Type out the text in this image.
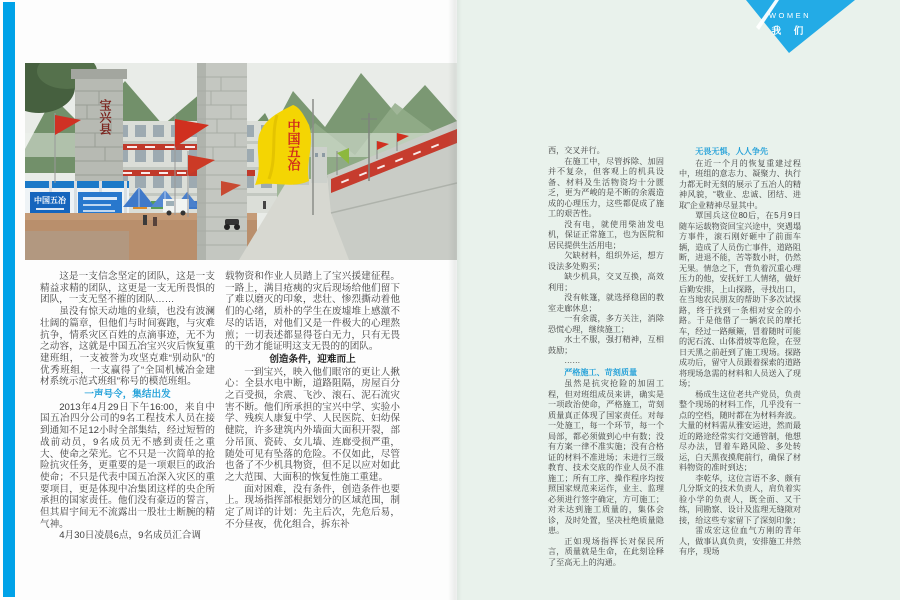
宝兴县
中国五冶
中国五冶
这是一支信念坚定的团队，这是一支精益求精的团队，这更是一支无所畏惧的团队，一支无坚不摧的团队……
虽没有惊天动地的业绩，也没有波澜壮阔的篇章，但他们与时间赛跑，与灾难抗争，情系灾区百姓的点滴事迹，无不为之动容，这就是中国五冶宝兴灾后恢复重建班组，一支被誉为攻坚克难“别动队”的优秀班组，一支赢得了“全国机械冶金建材系统示范式班组”称号的模范班组。
一声号令，集结出发
2013年4月29日下午16:00，来自中国五冶四分公司的9名工程技术人员在接到通知不足12小时全部集结，经过短暂的战前动员，9名成员无不感到责任之重大、使命之荣光。它不只是一次简单的抢险抗灾任务，更重要的是一项艰巨的政治使命；不只是代表中国五冶深入灾区的重要项目，更是体现中冶集团这样的央企所承担的国家责任。他们没有豪迈的誓言，但其眉宇间无不流露出一股壮士断腕的精气神。
4月30日凌晨6点，9名成员汇合调
载物资和作业人员踏上了宝兴援建征程。一路上，满目疮痍的灾后现场给他们留下了难以磨灭的印象，悲壮、惨烈撕动着他们的心绪，质朴的学生在废墟堆上感激不尽的话语，对他们又是一件极大的心理熬煎；一切表述都显得苍白无力，只有无畏的干劲才能证明这支无畏的的团队。
创造条件，迎难而上
一到宝兴，映入他们眼帘的更让人揪心：全县水电中断，道路阻隔，房屋百分之百受损，余震、飞沙、滚石、泥石流灾害不断。他们所承担的宝兴中学、实验小学、残疾人康复中学、人民医院、妇幼保健院，许多建筑内外墙面大面积开裂，部分吊顶、瓷砖、女儿墙、连廊受损严重，随处可见有坠落的危险。不仅如此，尽管也备了不少机具物资，但不足以应对如此之大范围、大面积的恢复性施工重建。
面对困难，没有条件，创造条件也要上。现场指挥部根据划分的区域范围，制定了周详的计划：先主后次，先危后易，不分昼夜，优化组合，拆东补
WOMEN
我 们
西，交叉并行。
在施工中，尽管拆除、加固并不复杂，但客观上的机具设备、材料及生活物资均十分匮乏，更为严峻的是不断的余震造成的心理压力，这些都促成了施工的艰苦性。
没有电，就使用柴油发电机，保证正常施工，也为医院和居民提供生活用电；
欠缺材料，组织外运，想方设法多处购买；
缺少机具，交叉互换，高效利用；
没有帐篷，就选择稳固的教室走廊休息；
一有余震，多方关注，消除恐慌心理，继续施工；
水土不服，强打精神，互相鼓励；
……
严格施工、苛刻质量
虽然是抗灾抢险的加固工程，但对班组成员来讲，确实是一项政治使命，严格施工，苛刻质量真正体现了国家责任。对每一处施工，每一个环节，每一个局部，都必须做到心中有数；没有方案一律不准实施；没有合格证的材料不准进场；未进行三级教育、技术交底的作业人员不准施工；所有工序、操作程序均按照国家规范来运作，业主、监理必须进行签字确定，方可施工；对未达到施工质量的，集体会诊，及时处置，坚决杜绝质量隐患。
正如现场指挥长对保民所言，质量就是生命，在此刻诠释了至高无上的沟通。
无畏无惧，人人争先
在近一个月的恢复重建过程中，班组的意志力、凝聚力、执行力都无时无刻的展示了五冶人的精神风貌，“敬业、忠诚、团结、进取”企业精神尽显其中。
覃国兵这位80后，在5月9日随车运载物资回宝兴途中，突遇塌方事件，滚石刚好砸中了前面车辆，造成了人员伤亡事件，道路阻断，进退不能，苦等数小时，仍然无果。情急之下，背负着沉重心理压力的他，安抚好工人情绪，做好后勤安排，上山探路，寻找出口，在当地农民朋友的帮助下多次试探路，终于找到一条相对安全的小路。于是他借了一辆农民的摩托车，经过一路颠簸，冒着随时可能的泥石流、山体滑坡等危险，在翌日天黑之前赶到了施工现场。探路成功后，留守人员跟着探索的道路将现场急需的材料和人员送入了现场；
杨成生这位老共产党员，负责整个现场的材料工作，几乎没有一点的空档，随时都在为材料奔波。大量的材料需从雅安运进，然而最近的路途经常实行交通管制，他想尽办法，冒着车路风险、多处转运，白天黑夜摸爬前行，确保了材料物资的准时到达；
李乾华，这位言语不多、颇有几分斯文的技术负责人，肩负着实验小学的负责人，既全面、又干练，同勘察、设计及监理无缝隙对接，给这些专家留下了深刻印象；
雷成宏这位血气方刚的青年人，做事认真负责，安排施工井然有序，现场
